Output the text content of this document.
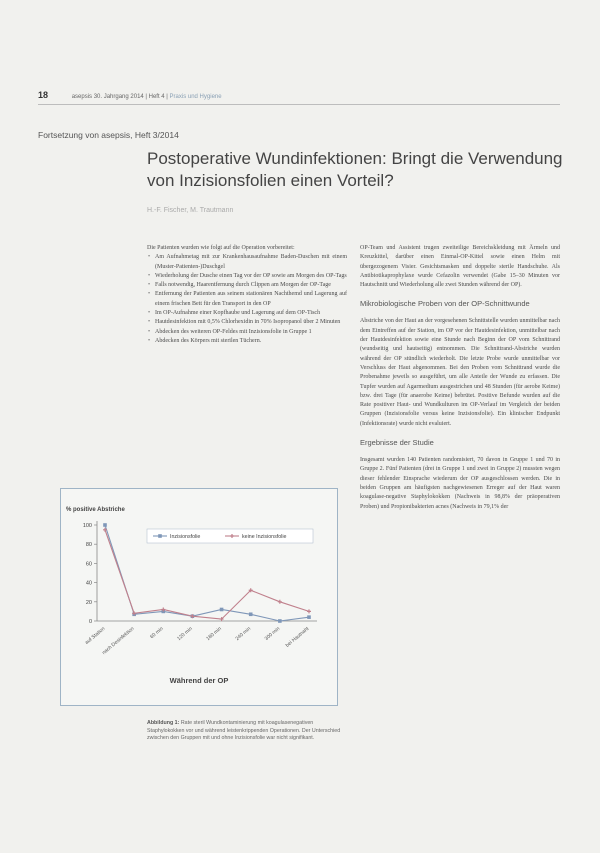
18	asepsis 30. Jahrgang 2014 | Heft 4 | Praxis und Hygiene
Fortsetzung von asepsis, Heft 3/2014
Postoperative Wundinfektionen: Bringt die Verwendung von Inzisionsfolien einen Vorteil?
H.-F. Fischer, M. Trautmann

Die Patienten wurden wie folgt auf die Operation vorbereitet:

• Am Aufnahmetag mit zur Krankenhausaufnahme Baden-Duschen mit einem (Muster-Patienten-)Duschgel
• Wiederholung der Dusche einen Tag vor der OP sowie am Morgen des OP-Tags
• Falls notwendig, Haarentfernung durch Clippen am Morgen der OP-Tage
• Entfernung der Patienten aus seinem stationären Nachthemd und Lagerung auf einem frischen Bett für den Transport in den OP
• Im OP-Aufnahme einer Kopfhaube und Lagerung auf dem OP-Tisch
• Hautdesinfektion mit 0,5% Chlorhexidin in 70% Isopropanol über 2 Minuten
• Abdecken des weiteren OP-Feldes mit Inzisionsfolie in Gruppe 1
• Abdecken des Körpers mit sterilen Tüchern.

OP-Team und Assistent trugen zweiteilige Bereichskleidung mit Ärmeln und Kreuzkittel, darüber einen Einmal-OP-Kittel sowie einen Helm mit übergezogenem Visier. Gesichtsmasken und doppelte sterile Handschuhe. Als Antibiotikaprophylaxe wurde Cefazolin verwendet (Gabe 15–30 Minuten vor Hautschnitt und Wiederholung alle zwei Stunden während der OP).

Mikrobiologische Proben von der OP-Schnittwunde

Abstriche von der Haut an der vorgesehenen Schnittstelle wurden unmittelbar nach dem Eintreffen auf der Station, im OP vor der Hautdesinfektion, unmittelbar nach der Hautdesinfektion sowie eine Stunde nach Beginn der OP vom Schnittrand (wundseitig und hautseitig) entnommen. Die Schnittrand-Abstriche wurden während der OP stündlich wiederholt. Die letzte Probe wurde unmittelbar vor Verschluss der Haut abgenommen. Bei den Proben vom Schnittrand wurde die Probenahme jeweils so ausgeführt, um alle Anteile der Wunde zu erfassen. Die Tupfer wurden auf Agarmedium ausgestrichen und 48 Stunden (für aerobe Keime) bzw. drei Tage (für anaerobe Keime) bebrütet. Positive Befunde wurden auf die Rate positiver Haut- und Wundkulturen im OP-Verlauf im Vergleich der beiden Gruppen (Inzisionsfolie versus keine Inzisionsfolie). Ein klinischer Endpunkt (Infektionsrate) wurde nicht evaluiert.

Ergebnisse der Studie

Insgesamt wurden 140 Patienten randomisiert, 70 davon in Gruppe 1 und 70 in Gruppe 2. Fünf Patienten (drei in Gruppe 1 und zwei in Gruppe 2) mussten wegen dieser fehlender Einsprache wiederum der OP ausgeschlossen werden. Die in beiden Gruppen am häufigsten nachgewiesenen Erreger auf der Haut waren koagulase-negative Staphylokokken (Nachweis in 98,8% der präoperativen Proben) und Propionibakterien acnes (Nachweis in 79,1% der

% positive Abstriche
0
20
40
60
80
100
auf Station
nach Desinfektion	60 min 120 min 180 min 240 min 300 min bei Hautnaht
Inzisionsfolie	keine Inzisionsfolie
Während der OP
Abbildung 1: Rate steril Wundkontaminierung mit koagulasenegativen Staphylokokken vor und während leistenkrippenden Operationen. Der Unterschied zwischen den Gruppen mit und ohne Inzisionsfolie war nicht signifikant.
